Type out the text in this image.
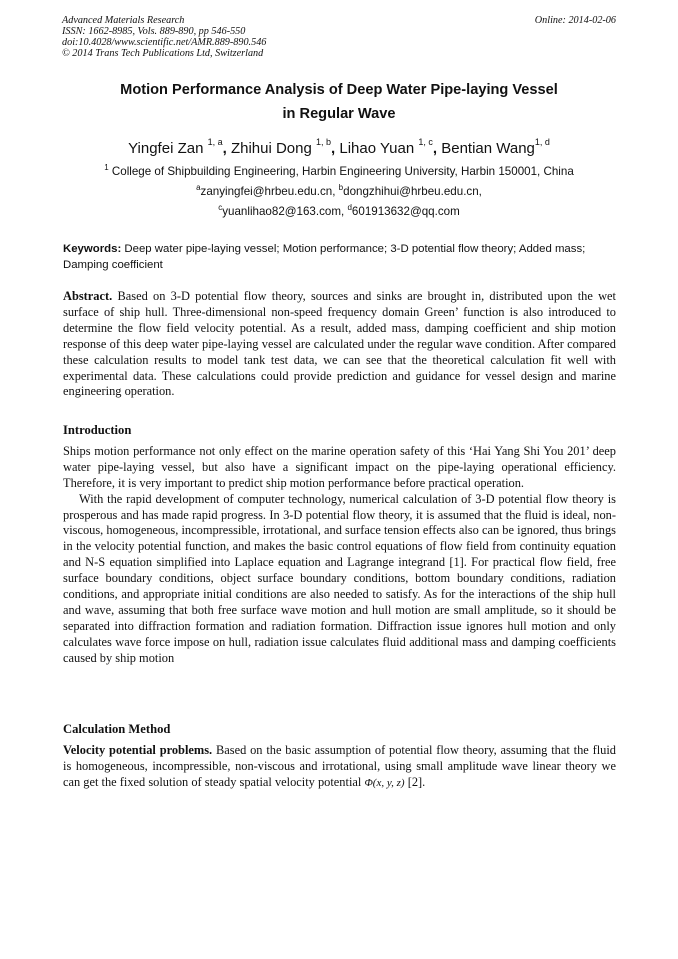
Advanced Materials Research
ISSN: 1662-8985, Vols. 889-890, pp 546-550
doi:10.4028/www.scientific.net/AMR.889-890.546
© 2014 Trans Tech Publications Ltd, Switzerland
Online: 2014-02-06
Motion Performance Analysis of Deep Water Pipe-laying Vessel
in Regular Wave
Yingfei Zan $^{1, a}$, Zhihui Dong $^{1, b}$, Lihao Yuan $^{1, c}$, Bentian Wang$^{1, d}$
$^1$ College of Shipbuilding Engineering, Harbin Engineering University, Harbin 150001, China
$^a$zanyingfei@hrbeu.edu.cn, $^b$dongzhihui@hrbeu.edu.cn,
$^c$yuanlihao82@163.com, $^d$601913632@qq.com
Keywords: Deep water pipe-laying vessel; Motion performance; 3-D potential flow theory; Added mass; Damping coefficient

Abstract. Based on 3-D potential flow theory, sources and sinks are brought in, distributed upon the wet surface of ship hull. Three-dimensional non-speed frequency domain Green’ function is also introduced to determine the flow field velocity potential. As a result, added mass, damping coefficient and ship motion response of this deep water pipe-laying vessel are calculated under the regular wave condition. After compared these calculation results to model tank test data, we can see that the theoretical calculation fit well with experimental data. These calculations could provide prediction and guidance for vessel design and marine engineering operation.

Introduction

Ships motion performance not only effect on the marine operation safety of this ‘Hai Yang Shi You 201’ deep water pipe-laying vessel, but also have a significant impact on the pipe-laying operational efficiency. Therefore, it is very important to predict ship motion performance before practical operation.

With the rapid development of computer technology, numerical calculation of 3-D potential flow theory is prosperous and has made rapid progress. In 3-D potential flow theory, it is assumed that the fluid is ideal, non-viscous, homogeneous, incompressible, irrotational, and surface tension effects also can be ignored, thus brings in the velocity potential function, and makes the basic control equations of flow field from continuity equation and N-S equation simplified into Laplace equation and Lagrange integrand [1]. For practical flow field, free surface boundary conditions, object surface boundary conditions, bottom boundary conditions, radiation conditions, and appropriate initial conditions are also needed to satisfy. As for the interactions of the ship hull and wave, assuming that both free surface wave motion and hull motion are small amplitude, so it should be separated into diffraction formation and radiation formation. Diffraction issue ignores hull motion and only calculates wave force impose on hull, radiation issue calculates fluid additional mass and damping coefficients caused by ship motion

Calculation Method

Velocity potential problems. Based on the basic assumption of potential flow theory, assuming that the fluid is homogeneous, incompressible, non-viscous and irrotational, using small amplitude wave linear theory we can get the fixed solution of steady spatial velocity potential Φ(x, y, z) [2].
